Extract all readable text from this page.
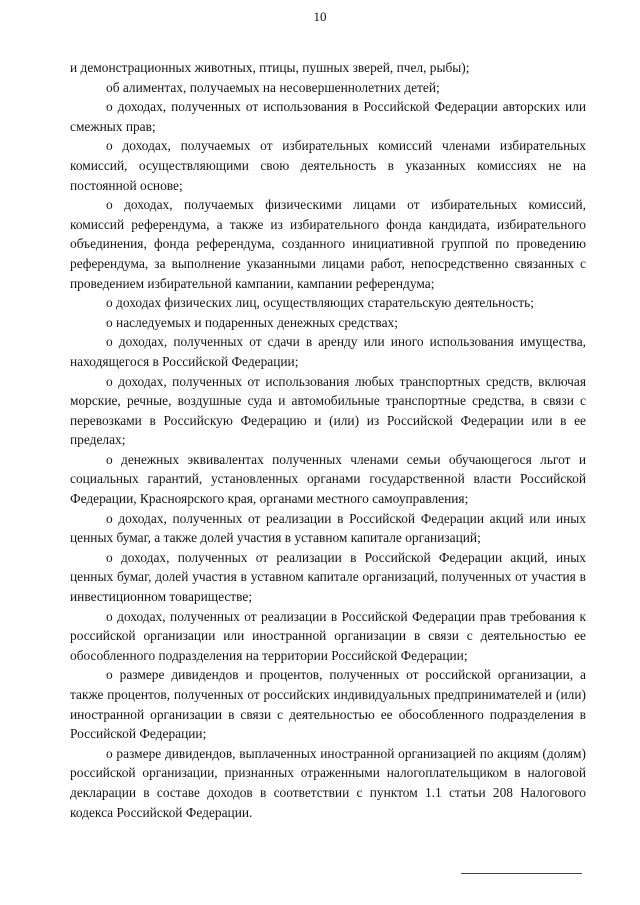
10

и демонстрационных животных, птицы, пушных зверей, пчел, рыбы);

об алиментах, получаемых на несовершеннолетних детей;

о доходах, полученных от использования в Российской Федерации авторских или смежных прав;

о доходах, получаемых от избирательных комиссий членами избирательных комиссий, осуществляющими свою деятельность в указанных комиссиях не на постоянной основе;

о доходах, получаемых физическими лицами от избирательных комиссий, комиссий референдума, а также из избирательного фонда кандидата, избирательного объединения, фонда референдума, созданного инициативной группой по проведению референдума, за выполнение указанными лицами работ, непосредственно связанных с проведением избирательной кампании, кампании референдума;

о доходах физических лиц, осуществляющих старательскую деятельность;

о наследуемых и подаренных денежных средствах;

о доходах, полученных от сдачи в аренду или иного использования имущества, находящегося в Российской Федерации;

о доходах, полученных от использования любых транспортных средств, включая морские, речные, воздушные суда и автомобильные транспортные средства, в связи с перевозками в Российскую Федерацию и (или) из Российской Федерации или в ее пределах;

о денежных эквивалентах полученных членами семьи обучающегося льгот и социальных гарантий, установленных органами государственной власти Российской Федерации, Красноярского края, органами местного самоуправления;

о доходах, полученных от реализации в Российской Федерации акций или иных ценных бумаг, а также долей участия в уставном капитале организаций;

о доходах, полученных от реализации в Российской Федерации акций, иных ценных бумаг, долей участия в уставном капитале организаций, полученных от участия в инвестиционном товариществе;

о доходах, полученных от реализации в Российской Федерации прав требования к российской организации или иностранной организации в связи с деятельностью ее обособленного подразделения на территории Российской Федерации;

о размере дивидендов и процентов, полученных от российской организации, а также процентов, полученных от российских индивидуальных предпринимателей и (или) иностранной организации в связи с деятельностью ее обособленного подразделения в Российской Федерации;

о размере дивидендов, выплаченных иностранной организацией по акциям (долям) российской организации, признанных отраженными налогоплательщиком в налоговой декларации в составе доходов в соответствии с пунктом 1.1 статьи 208 Налогового кодекса Российской Федерации.
